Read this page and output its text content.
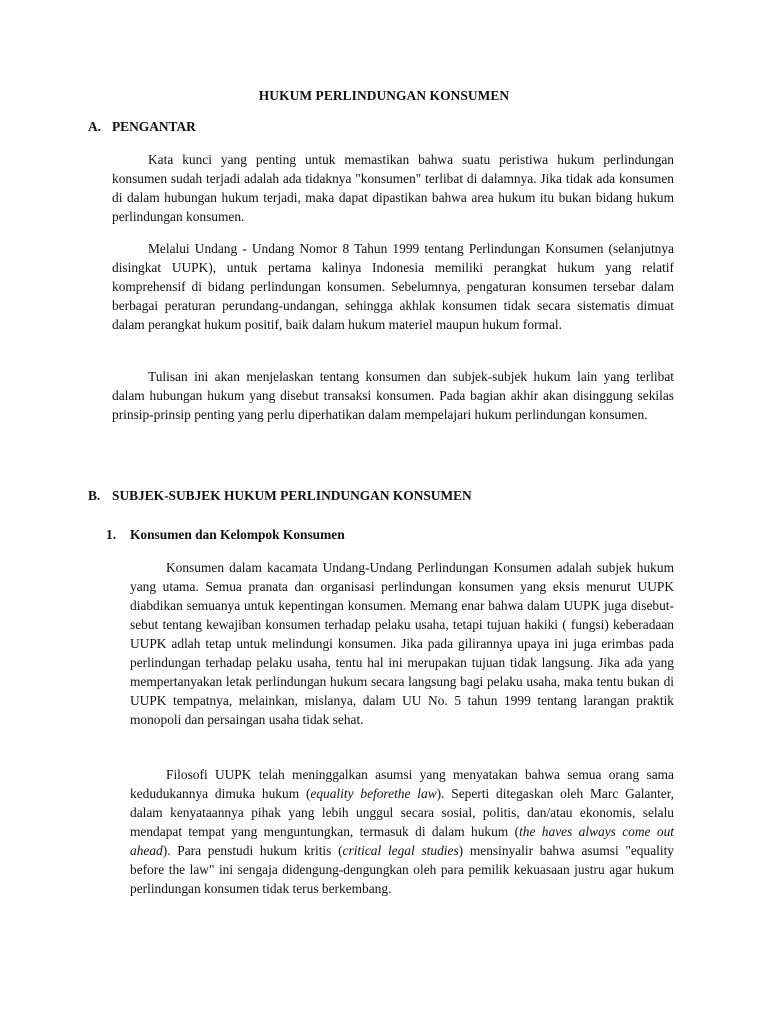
HUKUM PERLINDUNGAN KONSUMEN
A. PENGANTAR

Kata kunci yang penting untuk memastikan bahwa suatu peristiwa hukum perlindungan konsumen sudah terjadi adalah ada tidaknya "konsumen" terlibat di dalamnya. Jika tidak ada konsumen di dalam hubungan hukum terjadi, maka dapat dipastikan bahwa area hukum itu bukan bidang hukum perlindungan konsumen.

Melalui Undang - Undang Nomor 8 Tahun 1999 tentang Perlindungan Konsumen (selanjutnya disingkat UUPK), untuk pertama kalinya Indonesia memiliki perangkat hukum yang relatif komprehensif di bidang perlindungan konsumen. Sebelumnya, pengaturan konsumen tersebar dalam berbagai peraturan perundang-undangan, sehingga akhlak konsumen tidak secara sistematis dimuat dalam perangkat hukum positif, baik dalam hukum materiel maupun hukum formal.

Tulisan ini akan menjelaskan tentang konsumen dan subjek-subjek hukum lain yang terlibat dalam hubungan hukum yang disebut transaksi konsumen. Pada bagian akhir akan disinggung sekilas prinsip-prinsip penting yang perlu diperhatikan dalam mempelajari hukum perlindungan konsumen.

B. SUBJEK-SUBJEK HUKUM PERLINDUNGAN KONSUMEN
1. Konsumen dan Kelompok Konsumen

Konsumen dalam kacamata Undang-Undang Perlindungan Konsumen adalah subjek hukum yang utama. Semua pranata dan organisasi perlindungan konsumen yang eksis menurut UUPK diabdikan semuanya untuk kepentingan konsumen. Memang enar bahwa dalam UUPK juga disebut-sebut tentang kewajiban konsumen terhadap pelaku usaha, tetapi tujuan hakiki ( fungsi) keberadaan UUPK adlah tetap untuk melindungi konsumen. Jika pada gilirannya upaya ini juga erimbas pada perlindungan terhadap pelaku usaha, tentu hal ini merupakan tujuan tidak langsung. Jika ada yang mempertanyakan letak perlindungan hukum secara langsung bagi pelaku usaha, maka tentu bukan di UUPK tempatnya, melainkan, mislanya, dalam UU No. 5 tahun 1999 tentang larangan praktik monopoli dan persaingan usaha tidak sehat.

Filosofi UUPK telah meninggalkan asumsi yang menyatakan bahwa semua orang sama kedudukannya dimuka hukum (equality beforethe law). Seperti ditegaskan oleh Marc Galanter, dalam kenyataannya pihak yang lebih unggul secara sosial, politis, dan/atau ekonomis, selalu mendapat tempat yang menguntungkan, termasuk di dalam hukum (the haves always come out ahead). Para penstudi hukum kritis (critical legal studies) mensinyalir bahwa asumsi "equality before the law" ini sengaja didengung-dengungkan oleh para pemilik kekuasaan justru agar hukum perlindungan konsumen tidak terus berkembang.
